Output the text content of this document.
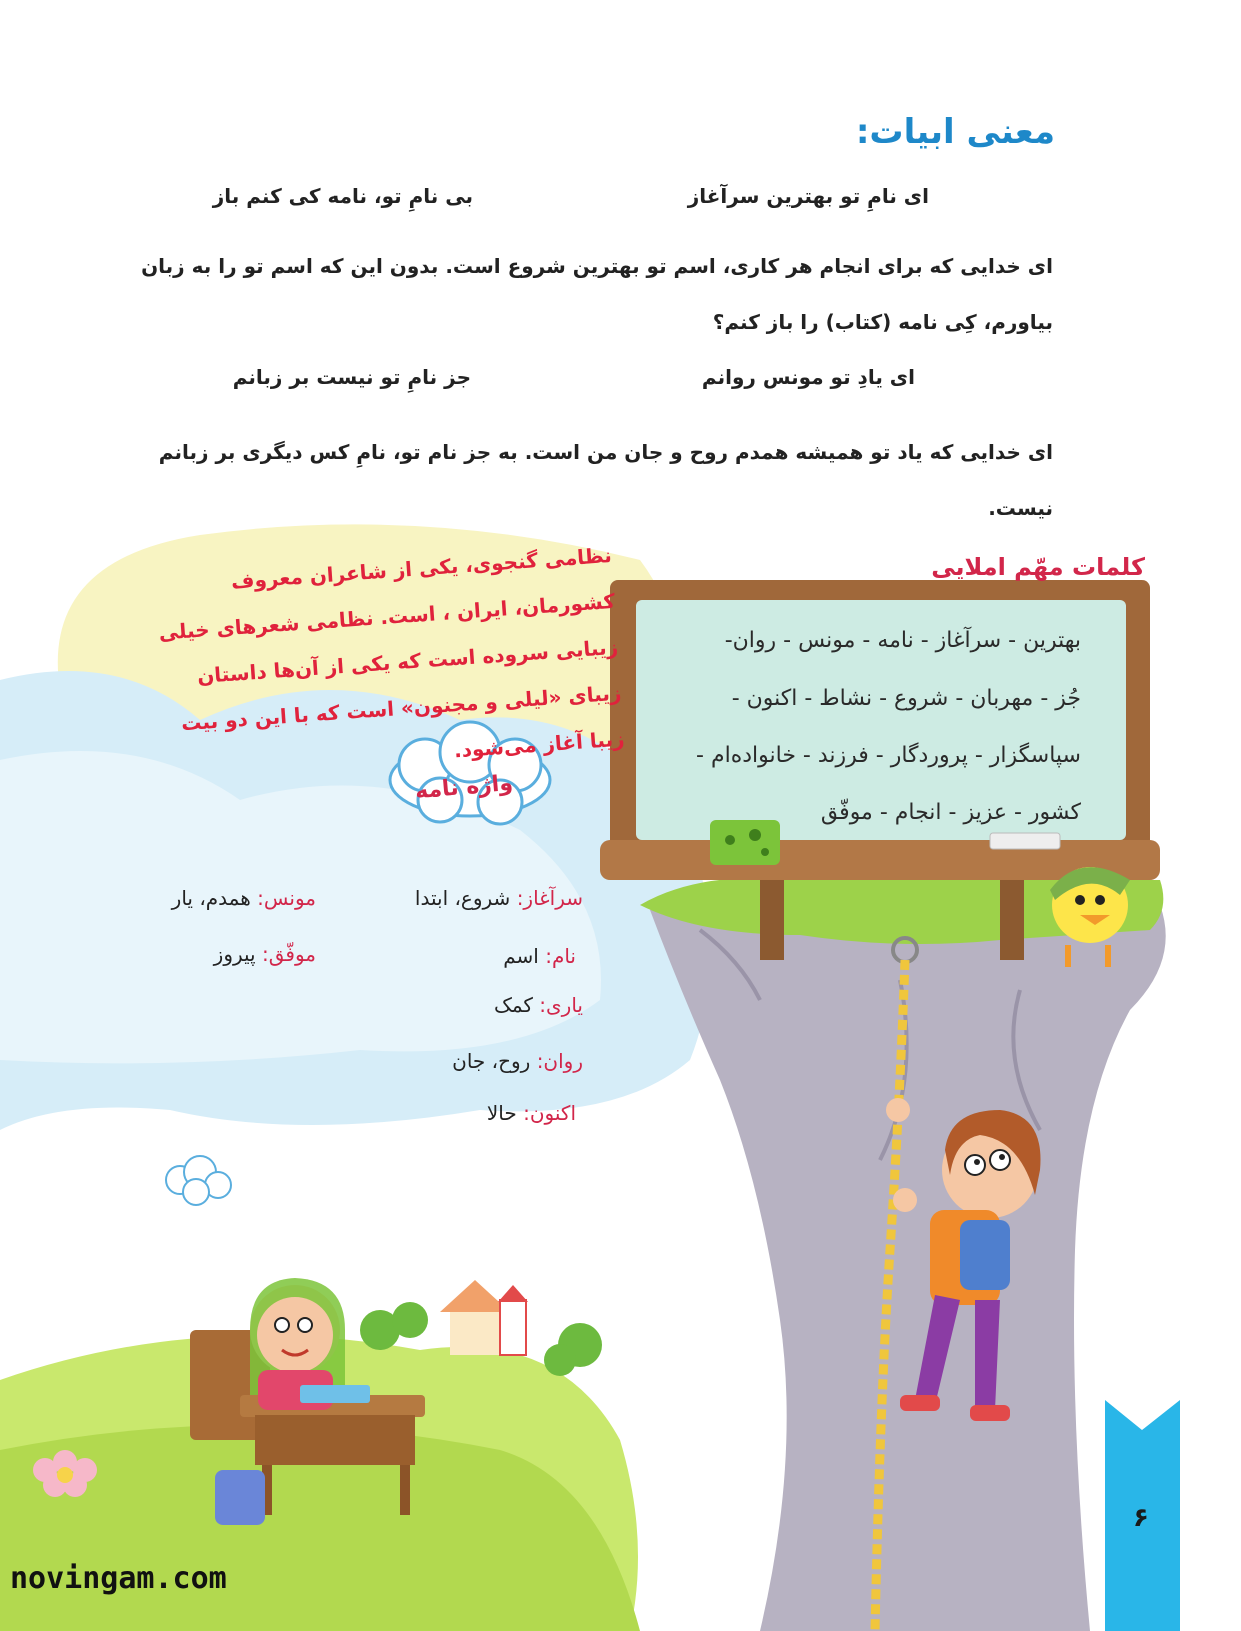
معنی ابیات:
ای نامِ تو بهترین سرآغاز
بی نامِ تو، نامه کی کنم باز
ای خدایی که برای انجام هر کاری، اسم تو بهترین شروع است. بدون این که اسم تو را به زبان بیاورم، کِی نامه (کتاب) را باز کنم؟
ای یادِ تو مونس روانم
جز نامِ تو نیست بر زبانم
ای خدایی که یاد تو همیشه همدم روح و جان من است. به جز نام تو، نامِ کس دیگری بر زبانم نیست.
نظامی گنجوی، یکی از شاعران معروف کشورمان، ایران ، است. نظامی شعرهای خیلی زیبایی سروده است که یکی از آن‌ها داستان زیبای «لیلی و مجنون» است که با این دو بیت زیبا آغاز می‌شود.
کلمات مهّم املایی
بهترین - سرآغاز - نامه - مونس - روان-
جُز - مهربان - شروع - نشاط - اکنون -
سپاسگزار - پروردگار - فرزند - خانواده‌ام -
کشور - عزیز - انجام - موفّق
واژه نامه
سرآغاز: شروع، ابتدا
نام: اسم
یاری: کمک
روان: روح، جان
اکنون: حالا
مونس: همدم، یار
موفّق: پیروز
۶
novingam.com
